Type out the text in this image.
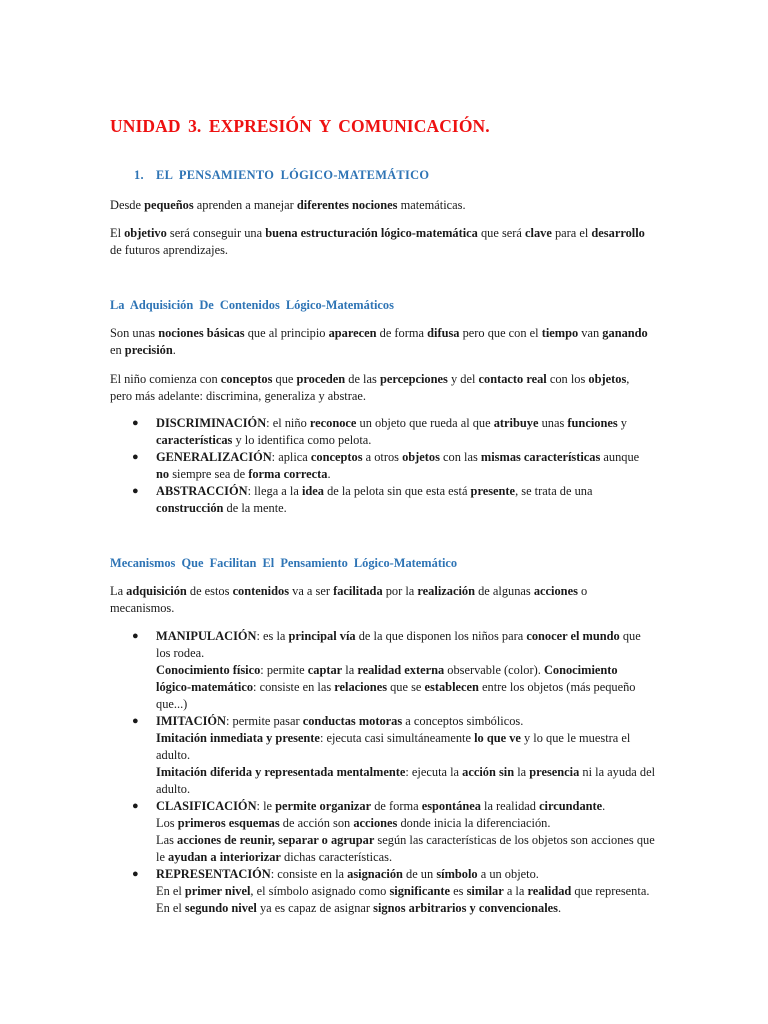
UNIDAD 3. EXPRESIÓN Y COMUNICACIÓN.
1. EL PENSAMIENTO LÓGICO-MATEMÁTICO

Desde pequeños aprenden a manejar diferentes nociones matemáticas.

El objetivo será conseguir una buena estructuración lógico-matemática que será clave para el desarrollo de futuros aprendizajes.

La Adquisición De Contenidos Lógico-Matemáticos

Son unas nociones básicas que al principio aparecen de forma difusa pero que con el tiempo van ganando en precisión.

El niño comienza con conceptos que proceden de las percepciones y del contacto real con los objetos, pero más adelante: discrimina, generaliza y abstrae.

● DISCRIMINACIÓN: el niño reconoce un objeto que rueda al que atribuye unas funciones y características y lo identifica como pelota.
● GENERALIZACIÓN: aplica conceptos a otros objetos con las mismas características aunque no siempre sea de forma correcta.
● ABSTRACCIÓN: llega a la idea de la pelota sin que esta está presente, se trata de una construcción de la mente.
Mecanismos Que Facilitan El Pensamiento Lógico-Matemático

La adquisición de estos contenidos va a ser facilitada por la realización de algunas acciones o mecanismos.

● MANIPULACIÓN: es la principal vía de la que disponen los niños para conocer el mundo que los rodea.
Conocimiento físico: permite captar la realidad externa observable (color). Conocimiento lógico-matemático: consiste en las relaciones que se establecen entre los objetos (más pequeño que...)
● IMITACIÓN: permite pasar conductas motoras a conceptos simbólicos.
Imitación inmediata y presente: ejecuta casi simultáneamente lo que ve y lo que le muestra el adulto.
Imitación diferida y representada mentalmente: ejecuta la acción sin la presencia ni la ayuda del adulto.
● CLASIFICACIÓN: le permite organizar de forma espontánea la realidad circundante.
Los primeros esquemas de acción son acciones donde inicia la diferenciación.
Las acciones de reunir, separar o agrupar según las características de los objetos son acciones que le ayudan a interiorizar dichas características.
● REPRESENTACIÓN: consiste en la asignación de un símbolo a un objeto.
En el primer nivel, el símbolo asignado como significante es similar a la realidad que representa.
En el segundo nivel ya es capaz de asignar signos arbitrarios y convencionales.
